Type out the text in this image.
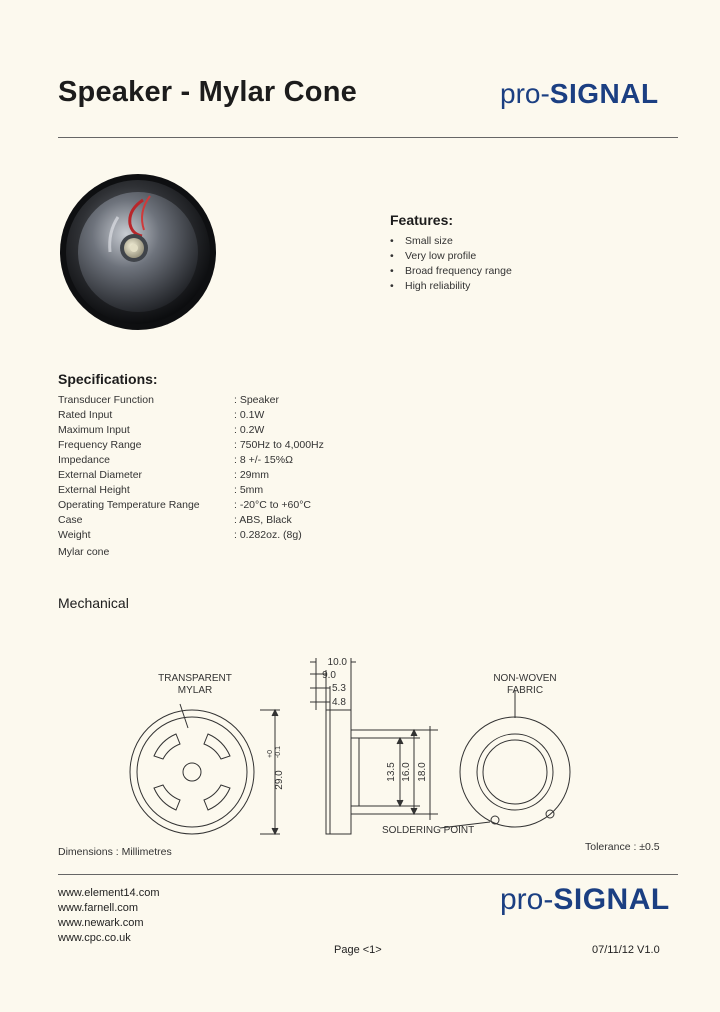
Speaker - Mylar Cone	pro-SIGNAL
Features:
• Small size
• Very low profile
• Broad frequency range
• High reliability
Specifications:
Transducer Function	: Speaker
Rated Input	: 0.1W
Maximum Input	: 0.2W
Frequency Range	: 750Hz to 4,000Hz
Impedance	: 8 +/- 15%Ω
External Diameter	: 29mm
External Height	: 5mm
Operating Temperature Range	: -20°C to +60°C
Case	: ABS, Black
Weight	: 0.282oz. (8g)
Mylar cone
Mechanical
TRANSPARENT
MYLAR
NON-WOVEN
FABRIC
SOLDERING POINT
10.0
9.0
5.3
4.8
29.0
+0 -0.1
13.5 16.0 18.0
Dimensions : Millimetres	Tolerance : ±0.5
www.element14.com
www.farnell.com
www.newark.com
www.cpc.co.uk
pro-SIGNAL
Page <1>	07/11/12 V1.0
